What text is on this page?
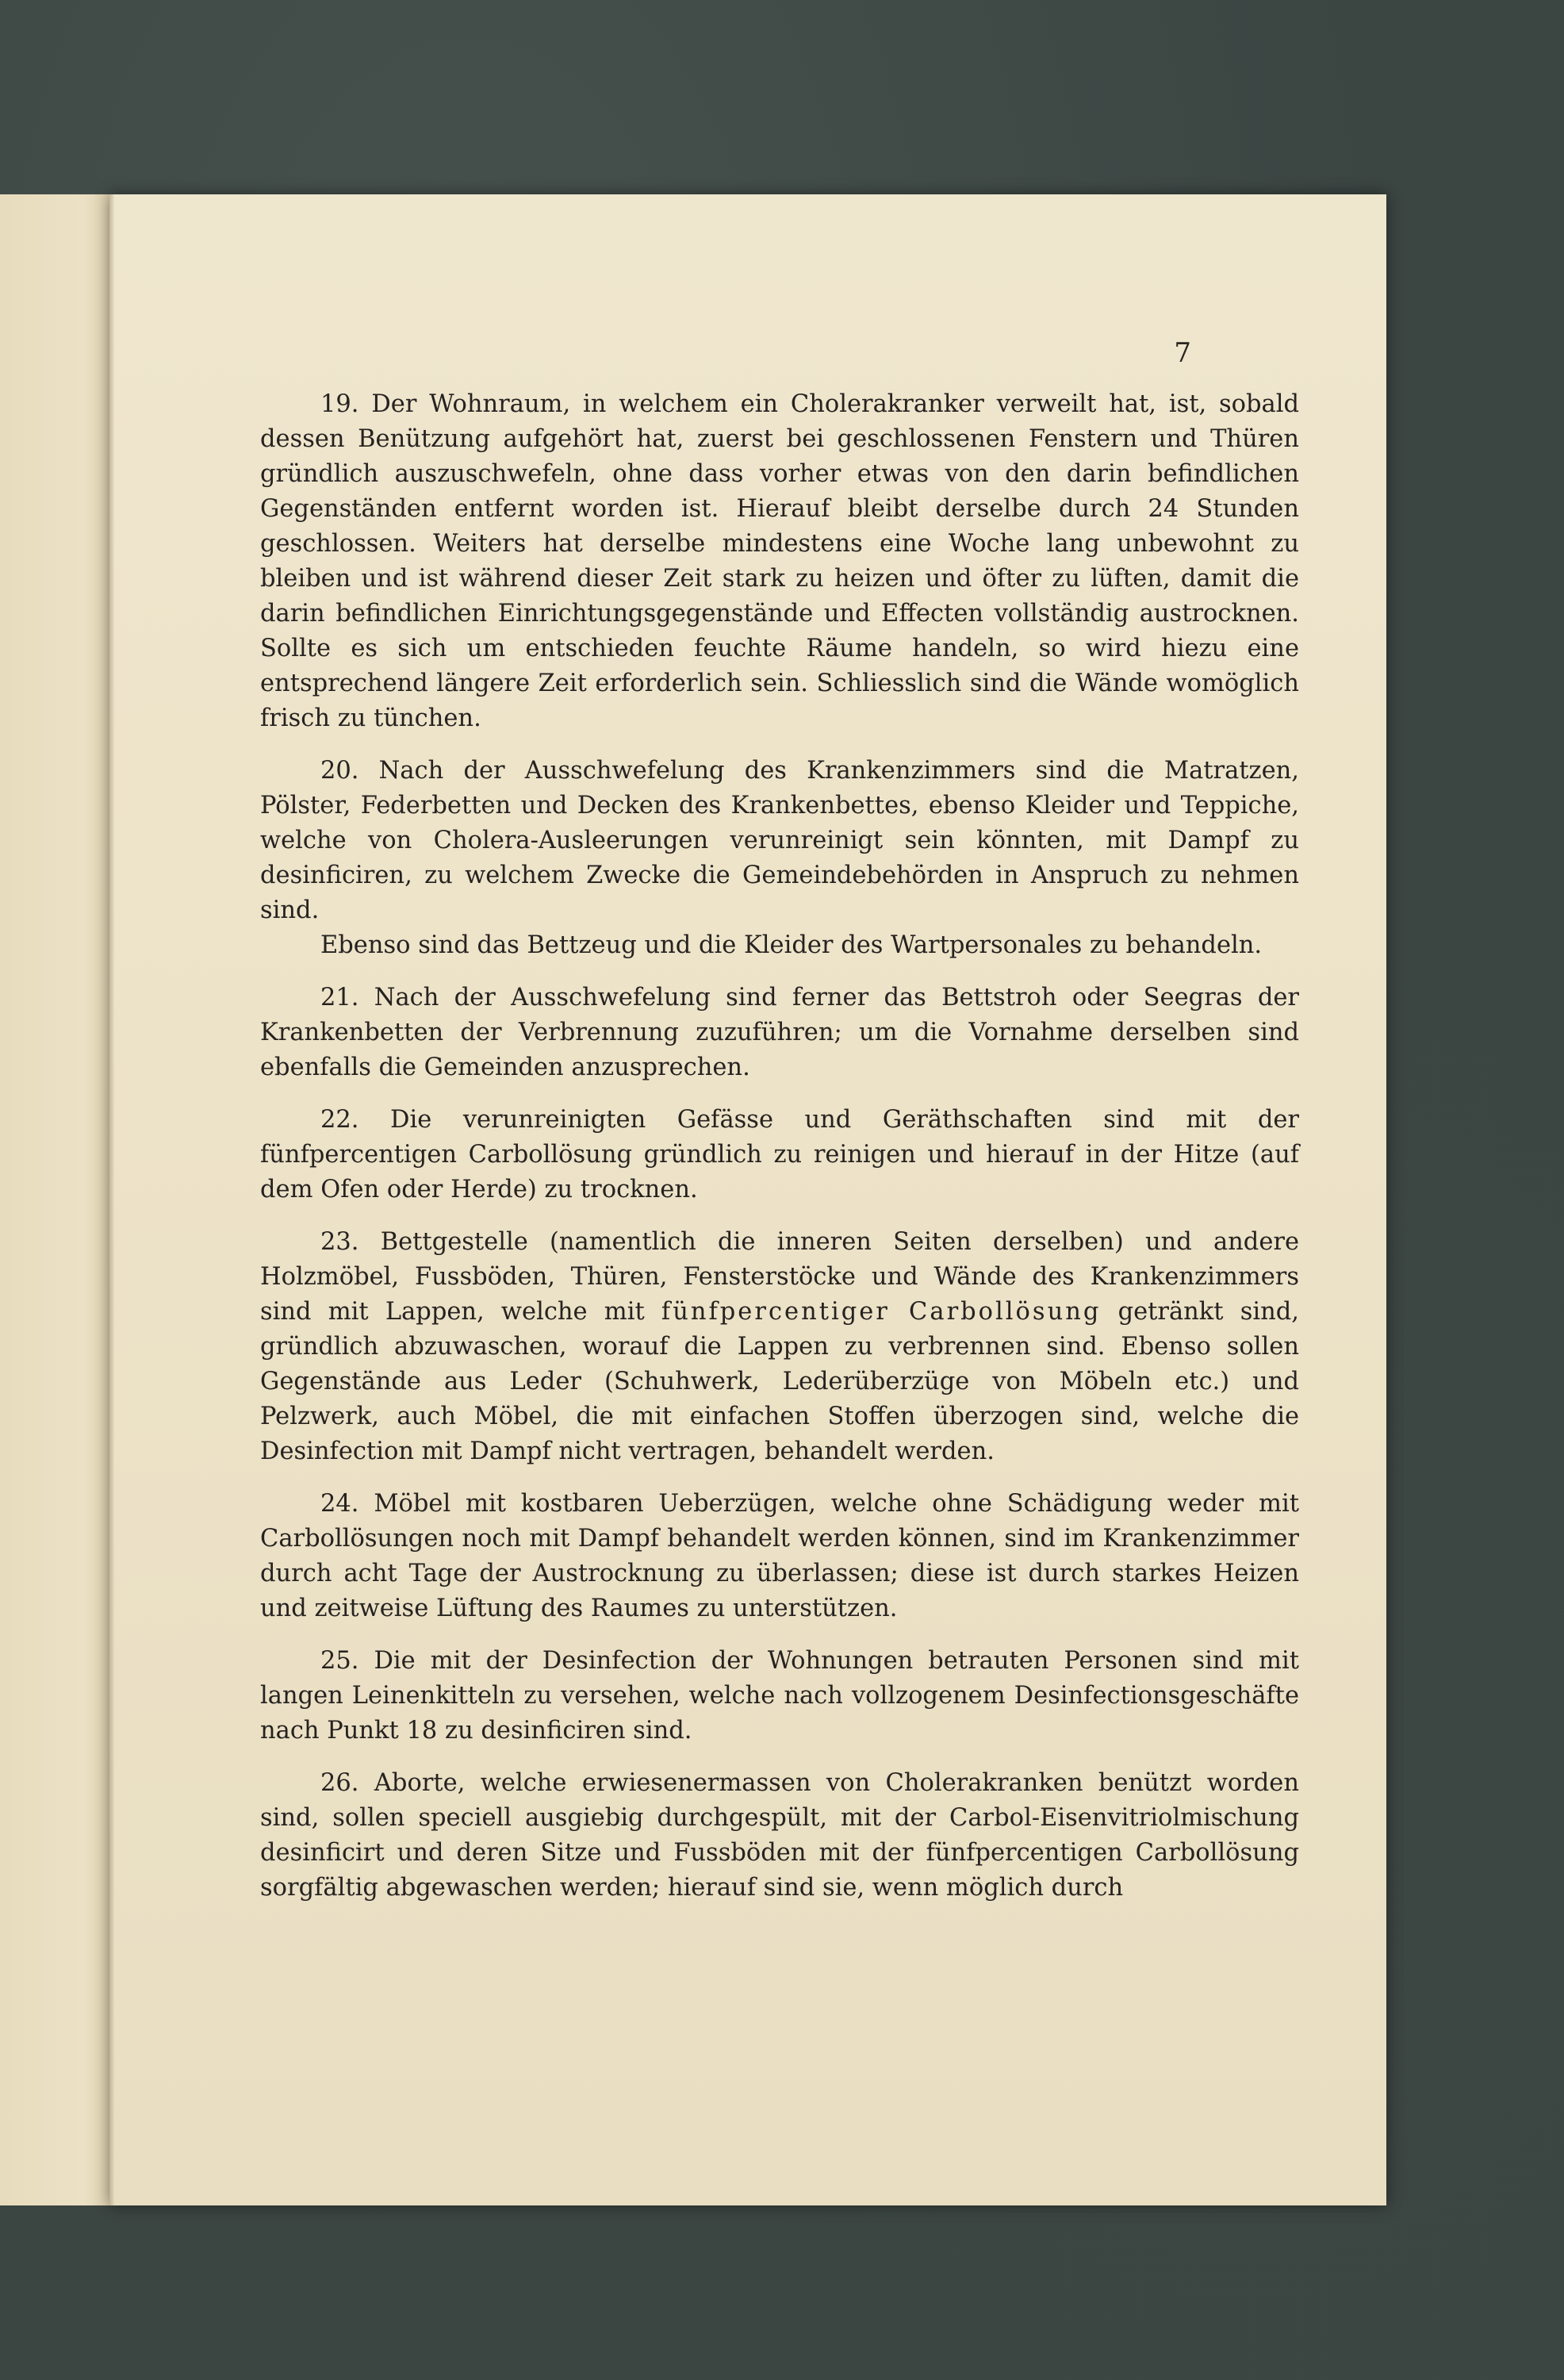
7

19. Der Wohnraum, in welchem ein Cholerakranker verweilt hat, ist, sobald dessen Benützung aufgehört hat, zuerst bei geschlossenen Fenstern und Thüren gründlich auszuschwefeln, ohne dass vorher etwas von den darin befindlichen Gegenständen entfernt worden ist. Hierauf bleibt derselbe durch 24 Stunden geschlossen. Weiters hat derselbe mindestens eine Woche lang unbewohnt zu bleiben und ist während dieser Zeit stark zu heizen und öfter zu lüften, damit die darin befindlichen Einrichtungsgegenstände und Effecten vollständig austrocknen. Sollte es sich um entschieden feuchte Räume handeln, so wird hiezu eine entsprechend längere Zeit erforderlich sein. Schliesslich sind die Wände womöglich frisch zu tünchen.

20. Nach der Ausschwefelung des Krankenzimmers sind die Matratzen, Pölster, Federbetten und Decken des Krankenbettes, ebenso Kleider und Teppiche, welche von Cholera-Ausleerungen verunreinigt sein könnten, mit Dampf zu desinficiren, zu welchem Zwecke die Gemeindebehörden in Anspruch zu nehmen sind.

Ebenso sind das Bettzeug und die Kleider des Wartpersonales zu behandeln.

21. Nach der Ausschwefelung sind ferner das Bettstroh oder Seegras der Krankenbetten der Verbrennung zuzuführen; um die Vornahme derselben sind ebenfalls die Gemeinden anzusprechen.

22. Die verunreinigten Gefässe und Geräthschaften sind mit der fünfpercentigen Carbollösung gründlich zu reinigen und hierauf in der Hitze (auf dem Ofen oder Herde) zu trocknen.

23. Bettgestelle (namentlich die inneren Seiten derselben) und andere Holzmöbel, Fussböden, Thüren, Fensterstöcke und Wände des Krankenzimmers sind mit Lappen, welche mit fünfpercentiger Carbollösung getränkt sind, gründlich abzuwaschen, worauf die Lappen zu verbrennen sind. Ebenso sollen Gegenstände aus Leder (Schuhwerk, Lederüberzüge von Möbeln etc.) und Pelzwerk, auch Möbel, die mit einfachen Stoffen überzogen sind, welche die Desinfection mit Dampf nicht vertragen, behandelt werden.

24. Möbel mit kostbaren Ueberzügen, welche ohne Schädigung weder mit Carbollösungen noch mit Dampf behandelt werden können, sind im Krankenzimmer durch acht Tage der Austrocknung zu überlassen; diese ist durch starkes Heizen und zeitweise Lüftung des Raumes zu unterstützen.

25. Die mit der Desinfection der Wohnungen betrauten Personen sind mit langen Leinenkitteln zu versehen, welche nach vollzogenem Desinfectionsgeschäfte nach Punkt 18 zu desinficiren sind.

26. Aborte, welche erwiesenermassen von Cholerakranken benützt worden sind, sollen speciell ausgiebig durchgespült, mit der Carbol-Eisenvitriolmischung desinficirt und deren Sitze und Fussböden mit der fünfpercentigen Carbollösung sorgfältig abgewaschen werden; hierauf sind sie, wenn möglich durch
